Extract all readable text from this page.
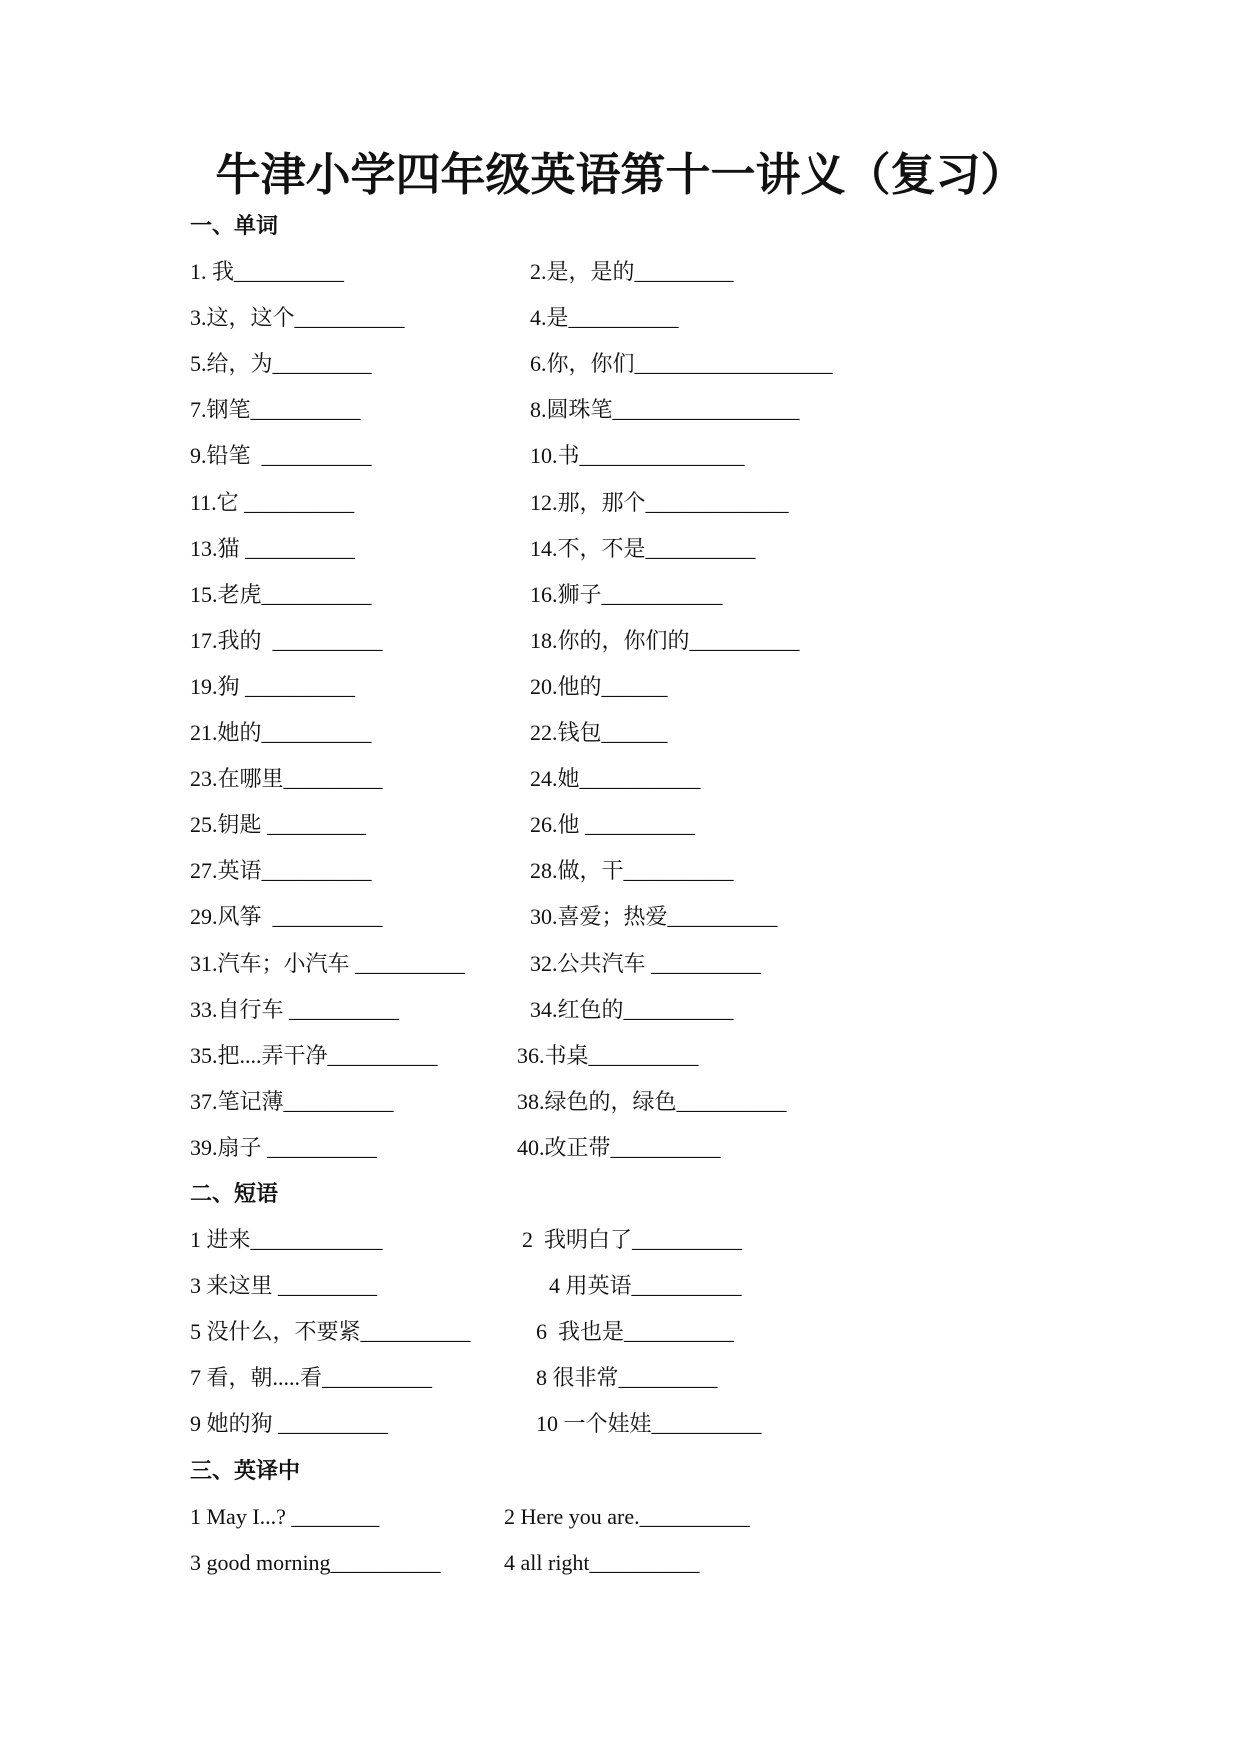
牛津小学四年级英语第十一讲义（复习）
一、单词
1. 我__________	2.是，是的_________
3.这，这个__________	4.是__________
5.给，为_________	6.你，你们__________________
7.钢笔__________	8.圆珠笔_________________
9.铅笔  __________	10.书_______________
11.它 __________	12.那，那个_____________
13.猫 __________	14.不，不是__________
15.老虎__________	16.狮子___________
17.我的  __________	18.你的，你们的__________
19.狗 __________	20.他的______
21.她的__________	22.钱包______
23.在哪里_________	24.她___________
25.钥匙 _________	26.他 __________
27.英语__________	28.做，干__________
29.风筝  __________	30.喜爱；热爱__________
31.汽车；小汽车 __________	32.公共汽车 __________
33.自行车 __________	34.红色的__________
35.把....弄干净__________	36.书桌__________
37.笔记薄__________	38.绿色的，绿色__________
39.扇子 __________	40.改正带__________
二、短语
1 进来____________	2  我明白了__________
3 来这里 _________	4 用英语__________
5 没什么，不要紧__________	6  我也是__________
7 看，朝.....看__________	8 很非常_________
9 她的狗 __________	10 一个娃娃__________
三、英译中
1 May I...? ________	2 Here you are.__________
3 good morning__________	4 all right__________
